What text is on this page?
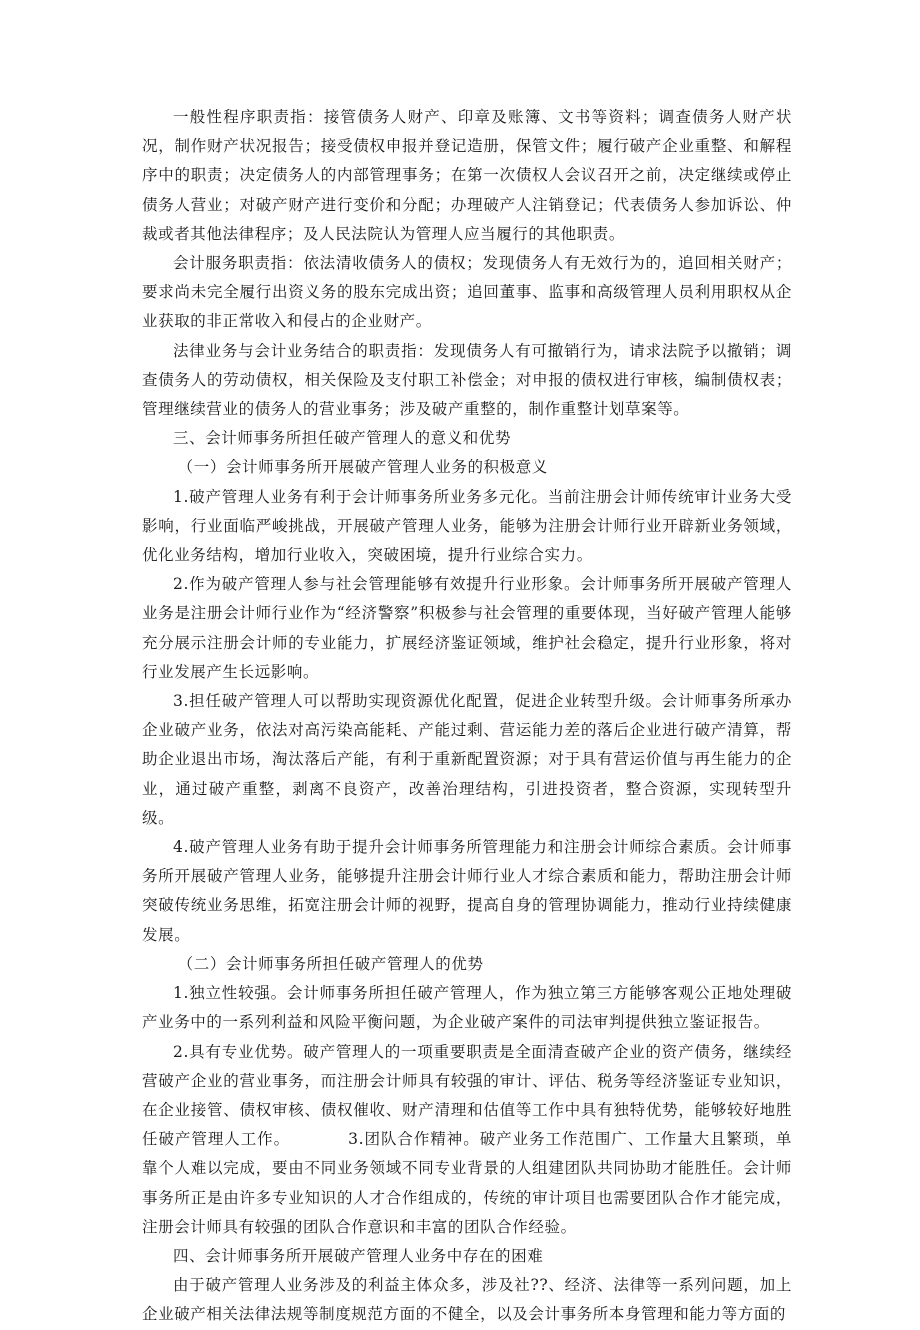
一般性程序职责指：接管债务人财产、印章及账簿、文书等资料；调查债务人财产状况，制作财产状况报告；接受债权申报并登记造册，保管文件；履行破产企业重整、和解程序中的职责；决定债务人的内部管理事务；在第一次债权人会议召开之前，决定继续或停止债务人营业；对破产财产进行变价和分配；办理破产人注销登记；代表债务人参加诉讼、仲裁或者其他法律程序；及人民法院认为管理人应当履行的其他职责。

会计服务职责指：依法清收债务人的债权；发现债务人有无效行为的，追回相关财产；要求尚未完全履行出资义务的股东完成出资；追回董事、监事和高级管理人员利用职权从企业获取的非正常收入和侵占的企业财产。

法律业务与会计业务结合的职责指：发现债务人有可撤销行为，请求法院予以撤销；调查债务人的劳动债权，相关保险及支付职工补偿金；对申报的债权进行审核，编制债权表；管理继续营业的债务人的营业事务；涉及破产重整的，制作重整计划草案等。

三、会计师事务所担任破产管理人的意义和优势

（一）会计师事务所开展破产管理人业务的积极意义

1.破产管理人业务有利于会计师事务所业务多元化。当前注册会计师传统审计业务大受影响，行业面临严峻挑战，开展破产管理人业务，能够为注册会计师行业开辟新业务领域，优化业务结构，增加行业收入，突破困境，提升行业综合实力。

2.作为破产管理人参与社会管理能够有效提升行业形象。会计师事务所开展破产管理人业务是注册会计师行业作为“经济警察”积极参与社会管理的重要体现，当好破产管理人能够充分展示注册会计师的专业能力，扩展经济鉴证领域，维护社会稳定，提升行业形象，将对行业发展产生长远影响。

3.担任破产管理人可以帮助实现资源优化配置，促进企业转型升级。会计师事务所承办企业破产业务，依法对高污染高能耗、产能过剩、营运能力差的落后企业进行破产清算，帮助企业退出市场，淘汰落后产能，有利于重新配置资源；对于具有营运价值与再生能力的企业，通过破产重整，剥离不良资产，改善治理结构，引进投资者，整合资源，实现转型升级。

4.破产管理人业务有助于提升会计师事务所管理能力和注册会计师综合素质。会计师事务所开展破产管理人业务，能够提升注册会计师行业人才综合素质和能力，帮助注册会计师突破传统业务思维，拓宽注册会计师的视野，提高自身的管理协调能力，推动行业持续健康发展。

（二）会计师事务所担任破产管理人的优势

1.独立性较强。会计师事务所担任破产管理人，作为独立第三方能够客观公正地处理破产业务中的一系列利益和风险平衡问题，为企业破产案件的司法审判提供独立鉴证报告。

2.具有专业优势。破产管理人的一项重要职责是全面清查破产企业的资产债务，继续经营破产企业的营业事务，而注册会计师具有较强的审计、评估、税务等经济鉴证专业知识，在企业接管、债权审核、债权催收、财产清理和估值等工作中具有独特优势，能够较好地胜任破产管理人工作。　　　　3.团队合作精神。破产业务工作范围广、工作量大且繁琐，单靠个人难以完成，要由不同业务领域不同专业背景的人组建团队共同协助才能胜任。会计师事务所正是由许多专业知识的人才合作组成的，传统的审计项目也需要团队合作才能完成，注册会计师具有较强的团队合作意识和丰富的团队合作经验。

四、会计师事务所开展破产管理人业务中存在的困难

由于破产管理人业务涉及的利益主体众多，涉及社??、经济、法律等一系列问题，加上企业破产相关法律法规等制度规范方面的不健全，以及会计事务所本身管理和能力等方面的
